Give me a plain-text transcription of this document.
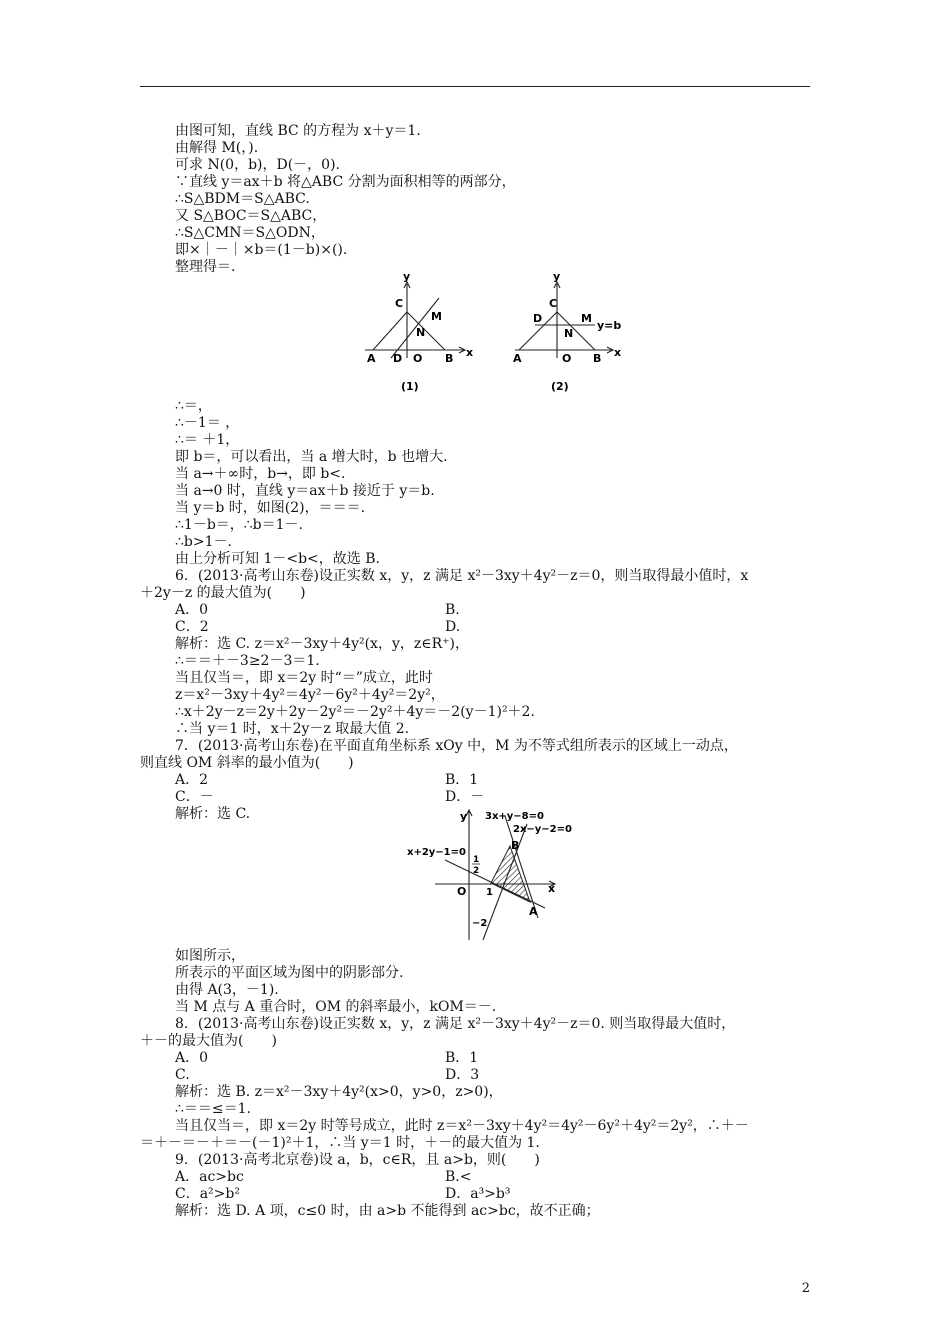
由图可知，直线 BC 的方程为 x＋y＝1.
由解得 M(，).
可求 N(0，b)，D(－，0).
∵直线 y＝ax＋b 将△ABC 分割为面积相等的两部分，
∴S△BDM＝S△ABC.
又 S△BOC＝S△ABC，
∴S△CMN＝S△ODN，
即×｜－｜×b＝(1－b)×().
整理得＝.
y
x
C
M
N
A D O B
(1)
y
x
C
D	M
N
y=b
A	O B
(2)
∴＝，
∴－1＝ ，
∴＝ ＋1，
即 b＝，可以看出，当 a 增大时，b 也增大.
当 a→＋∞时，b→，即 b<.
当 a→0 时，直线 y＝ax＋b 接近于 y＝b.
当 y＝b 时，如图(2)，＝＝＝.
∴1－b＝，∴b＝1－.
∴b>1－.
由上分析可知 1－<b<，故选 B.
6．(2013·高考山东卷)设正实数 x，y，z 满足 x²－3xy＋4y²－z＝0，则当取得最小值时，x
＋2y－z 的最大值为(　　)
A．0	B.
C．2	D.
解析：选 C. z＝x²－3xy＋4y²(x，y，z∈R⁺)，
∴＝＝＋－3≥2－3＝1.
当且仅当＝，即 x＝2y 时“＝”成立，此时
z＝x²－3xy＋4y²＝4y²－6y²＋4y²＝2y²，
∴x＋2y－z＝2y＋2y－2y²＝－2y²＋4y＝－2(y－1)²＋2.
∴当 y＝1 时，x＋2y－z 取最大值 2.
7．(2013·高考山东卷)在平面直角坐标系 xOy 中，M 为不等式组所表示的区域上一动点，
则直线 OM 斜率的最小值为(　　)
A．2	B．1
C．－	D．－
解析：选 C.	y
x
O
3x+y−8=0
2x−y−2=0
x+2y−1=0
B
A
1
2
1
−2
如图所示，
所表示的平面区域为图中的阴影部分.
由得 A(3，－1).
当 M 点与 A 重合时，OM 的斜率最小，kOM＝－.
8．(2013·高考山东卷)设正实数 x，y，z 满足 x²－3xy＋4y²－z＝0. 则当取得最大值时，
＋－的最大值为(　　)
A．0	B．1
C.	D．3
解析：选 B. z＝x²－3xy＋4y²(x>0，y>0，z>0)，
∴＝＝≤＝1.
当且仅当＝，即 x＝2y 时等号成立，此时 z＝x²－3xy＋4y²＝4y²－6y²＋4y²＝2y²，∴＋－
＝＋－＝－＋＝－(－1)²＋1，∴当 y＝1 时，＋－的最大值为 1.
9．(2013·高考北京卷)设 a，b，c∈R，且 a>b，则(　　)
A．ac>bc	B.<
C．a²>b²	D．a³>b³
解析：选 D. A 项，c≤0 时，由 a>b 不能得到 ac>bc，故不正确；
2
